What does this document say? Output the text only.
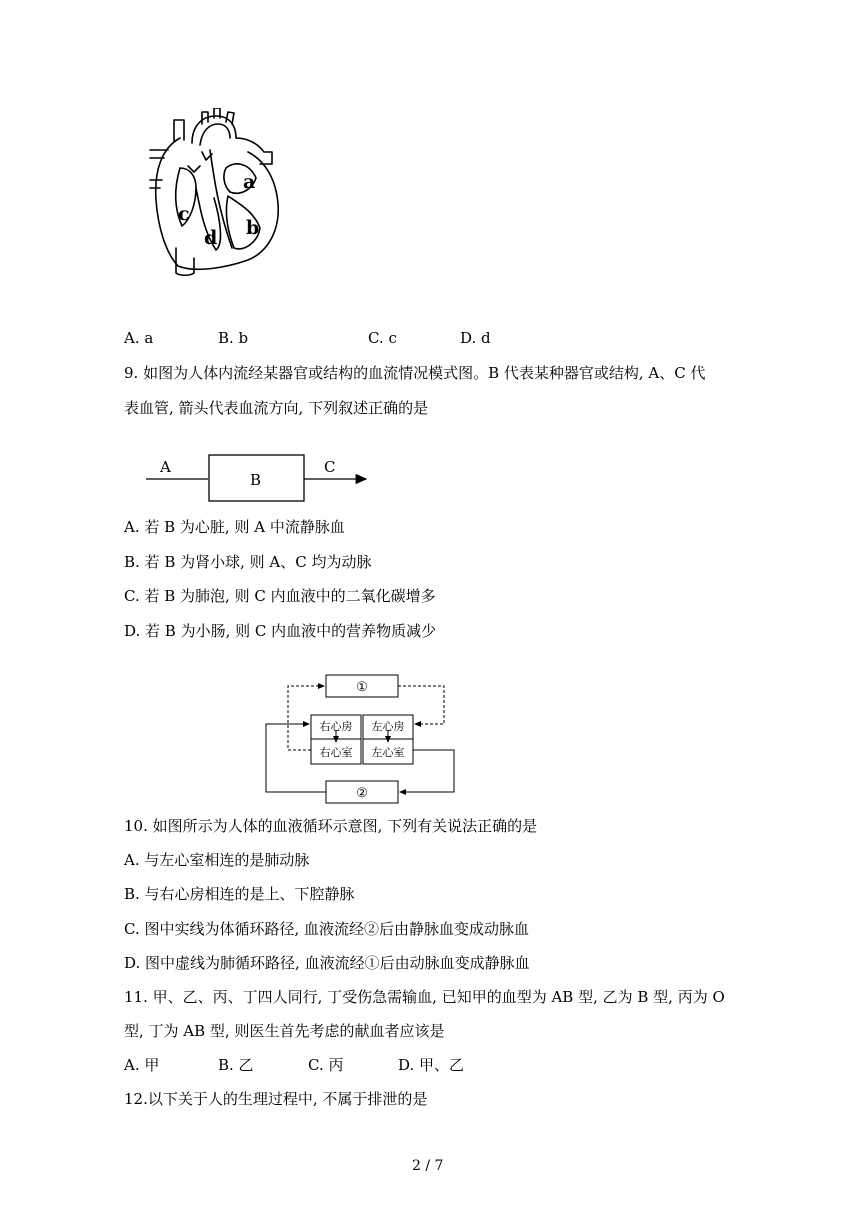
a
b
c
d
A. a	B. b	C. c	D. d
9. 如图为人体内流经某器官或结构的血流情况模式图。B 代表某种器官或结构, A、C 代
表血管, 箭头代表血流方向, 下列叙述正确的是
A
B
C
A. 若 B 为心脏, 则 A 中流静脉血
B. 若 B 为肾小球, 则 A、C 均为动脉
C. 若 B 为肺泡, 则 C 内血液中的二氧化碳增多
D. 若 B 为小肠, 则 C 内血液中的营养物质减少
①
②
右心房 左心房
右心室 左心室
10. 如图所示为人体的血液循环示意图, 下列有关说法正确的是
A. 与左心室相连的是肺动脉
B. 与右心房相连的是上、下腔静脉
C. 图中实线为体循环路径, 血液流经②后由静脉血变成动脉血
D. 图中虚线为肺循环路径, 血液流经①后由动脉血变成静脉血
11. 甲、乙、丙、丁四人同行, 丁受伤急需输血, 已知甲的血型为 AB 型, 乙为 B 型, 丙为 O
型, 丁为 AB 型, 则医生首先考虑的献血者应该是
A. 甲	B. 乙	C. 丙	D. 甲、乙
12.以下关于人的生理过程中, 不属于排泄的是
2 / 7
